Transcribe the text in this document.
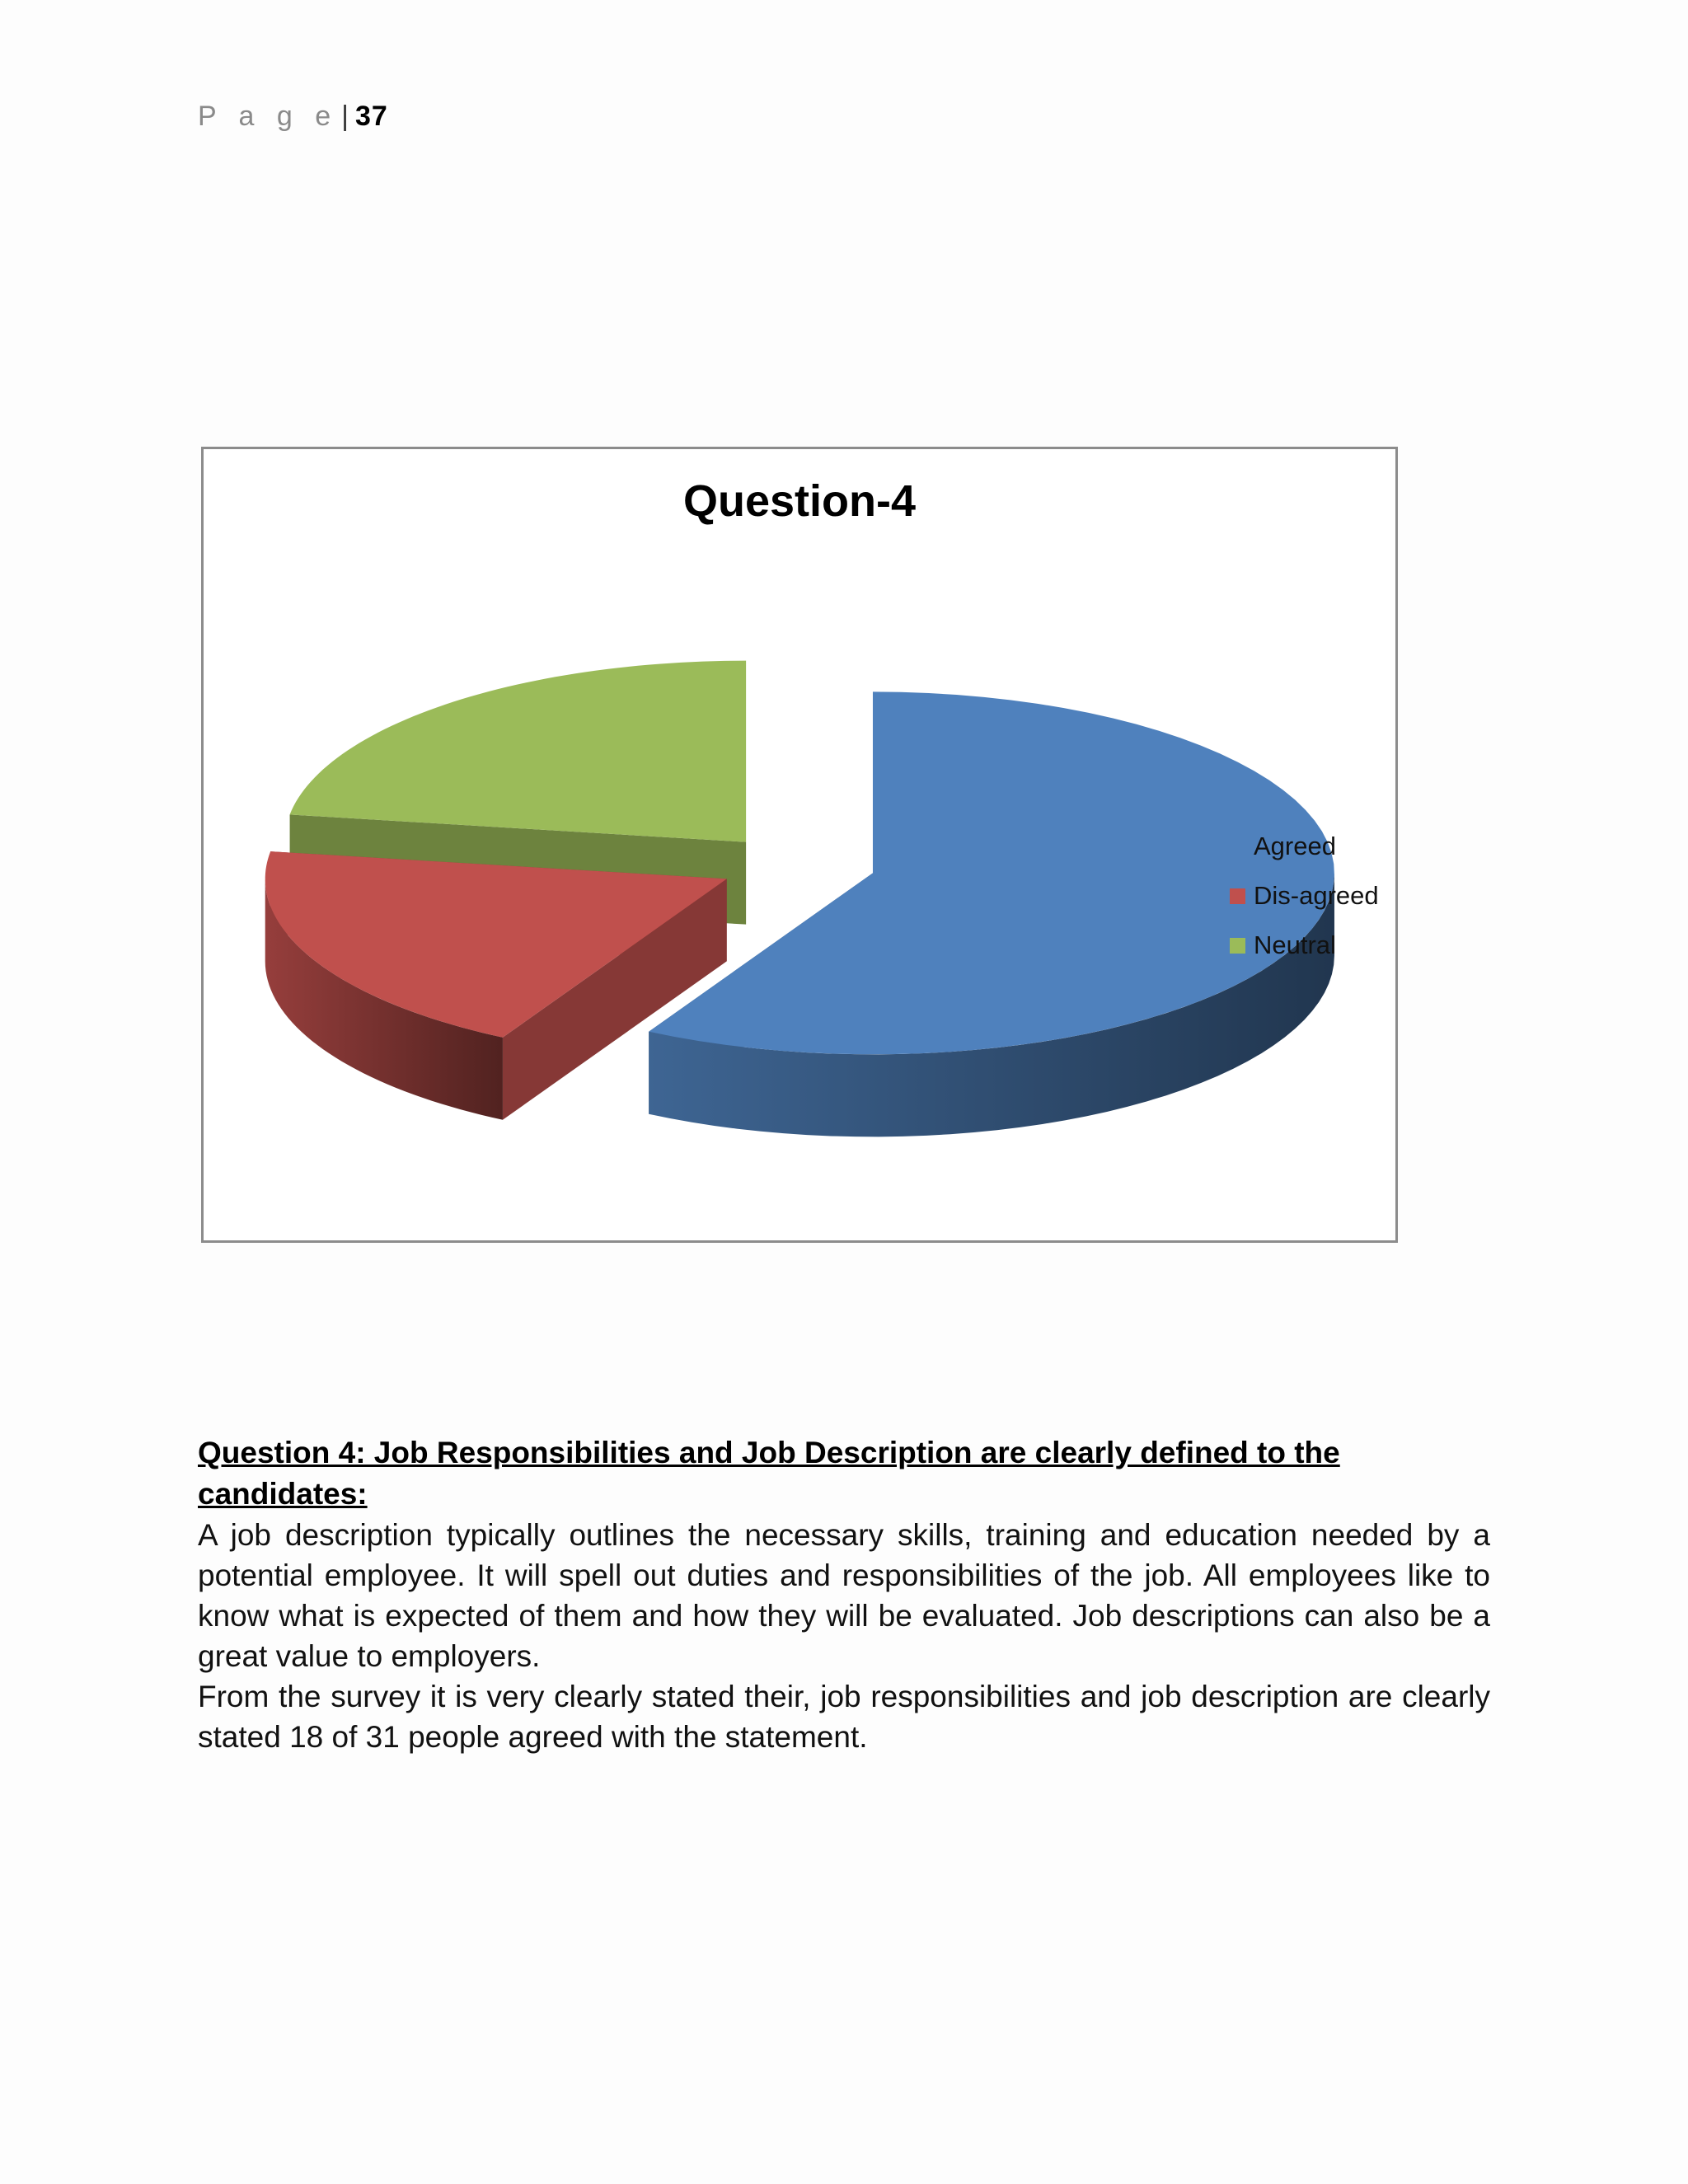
P a g e | 37
Question-4
Agreed
Dis-agreed
Neutral
Question 4: Job Responsibilities and Job Description are clearly defined to the candidates:

A job description typically outlines the necessary skills, training and education needed by a potential employee. It will spell out duties and responsibilities of the job. All employees like to know what is expected of them and how they will be evaluated. Job descriptions can also be a great value to employers.

From the survey it is very clearly stated their, job responsibilities and job description are clearly stated 18 of 31 people agreed with the statement.
